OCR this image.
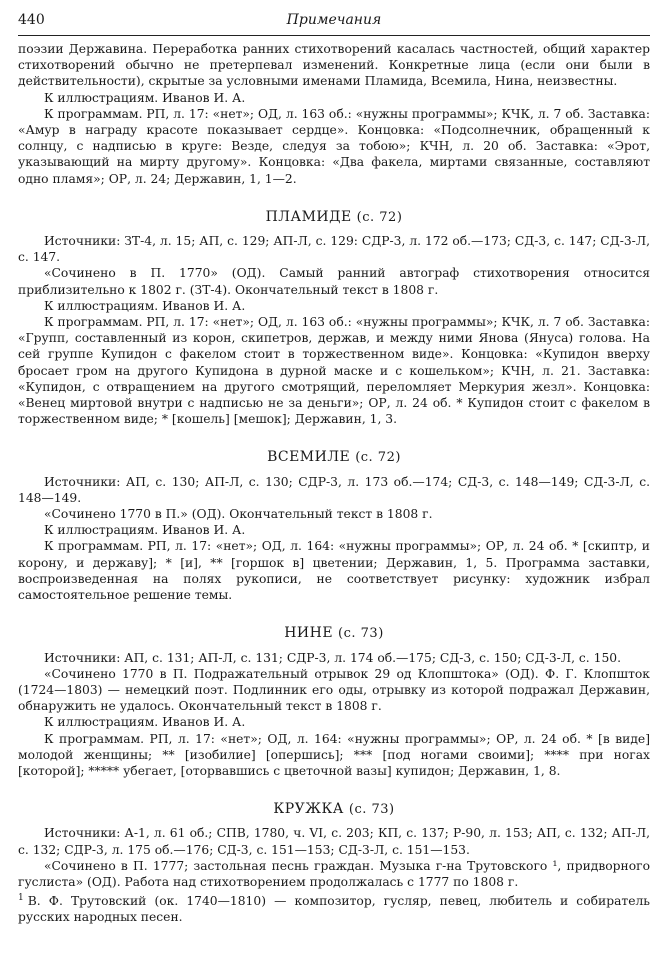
440	Примечания

поэзии Державина. Переработка ранних стихотворений касалась частностей, общий характер стихотворений обычно не претерпевал изменений. Конкретные лица (если они были в действительности), скрытые за условными именами Пламида, Всемила, Нина, неизвестны.

К иллюстрациям. Иванов И. А.

К программам. РП, л. 17: «нет»; ОД, л. 163 об.: «нужны программы»; КЧК, л. 7 об. Заставка: «Амур в награду красоте показывает сердце». Концовка: «Подсолнечник, обращенный к солнцу, с надписью в круге: Везде, следуя за тобою»; КЧН, л. 20 об. Заставка: «Эрот, указывающий на мирту другому». Концовка: «Два факела, миртами связанные, составляют одно пламя»; ОР, л. 24; Державин, 1, 1—2.

ПЛАМИДЕ (с. 72)

Источники: ЗТ-4, л. 15; АП, с. 129; АП-Л, с. 129: СДР-3, л. 172 об.—173; СД-3, с. 147; СД-3-Л, с. 147.

«Сочинено в П. 1770» (ОД). Самый ранний автограф стихотворения относится приблизительно к 1802 г. (ЗТ-4). Окончательный текст в 1808 г.

К иллюстрациям. Иванов И. А.

К программам. РП, л. 17: «нет»; ОД, л. 163 об.: «нужны программы»; КЧК, л. 7 об. Заставка: «Групп, составленный из корон, скипетров, держав, и между ними Янова (Януса) голова. На сей группе Купидон с факелом стоит в торжественном виде». Концовка: «Купидон вверху бросает гром на другого Купидона в дурной маске и с кошельком»; КЧН, л. 21. Заставка: «Купидон, с отвращением на другого смотрящий, переломляет Меркурия жезл». Концовка: «Венец миртовой внутри с надписью не за деньги»; ОР, л. 24 об. * Купидон стоит с факелом в торжественном виде; * [кошель] [мешок]; Державин, 1, 3.

ВСЕМИЛЕ (с. 72)

Источники: АП, с. 130; АП-Л, с. 130; СДР-3, л. 173 об.—174; СД-3, с. 148—149; СД-3-Л, с. 148—149.

«Сочинено 1770 в П.» (ОД). Окончательный текст в 1808 г.

К иллюстрациям. Иванов И. А.

К программам. РП, л. 17: «нет»; ОД, л. 164: «нужны программы»; ОР, л. 24 об. * [скиптр, и корону, и державу]; * [и], ** [горшок в] цветении; Державин, 1, 5. Программа заставки, воспроизведенная на полях рукописи, не соответствует рисунку: художник избрал самостоятельное решение темы.

НИНЕ (с. 73)

Источники: АП, с. 131; АП-Л, с. 131; СДР-3, л. 174 об.—175; СД-3, с. 150; СД-3-Л, с. 150.

«Сочинено 1770 в П. Подражательный отрывок 29 од Клопштока» (ОД). Ф. Г. Клопшток (1724—1803) — немецкий поэт. Подлинник его оды, отрывку из которой подражал Державин, обнаружить не удалось. Окончательный текст в 1808 г.

К иллюстрациям. Иванов И. А.

К программам. РП, л. 17: «нет»; ОД, л. 164: «нужны программы»; ОР, л. 24 об. * [в виде] молодой женщины; ** [изобилие] [опершись]; *** [под ногами своими]; **** при ногах [которой]; ***** убегает, [оторвавшись с цветочной вазы] купидон; Державин, 1, 8.

КРУЖКА (с. 73)

Источники: А-1, л. 61 об.; СПВ, 1780, ч. VI, с. 203; КП, с. 137; Р-90, л. 153; АП, с. 132; АП-Л, с. 132; СДР-3, л. 175 об.—176; СД-3, с. 151—153; СД-3-Л, с. 151—153.

«Сочинено в П. 1777; застольная песнь граждан. Музыка г-на Трутовского ¹, придворного гуслиста» (ОД). Работа над стихотворением продолжалась с 1777 по 1808 г.

$^1$ В. Ф. Трутовский (ок. 1740—1810) — композитор, гусляр, певец, любитель и собиратель русских народных песен.
